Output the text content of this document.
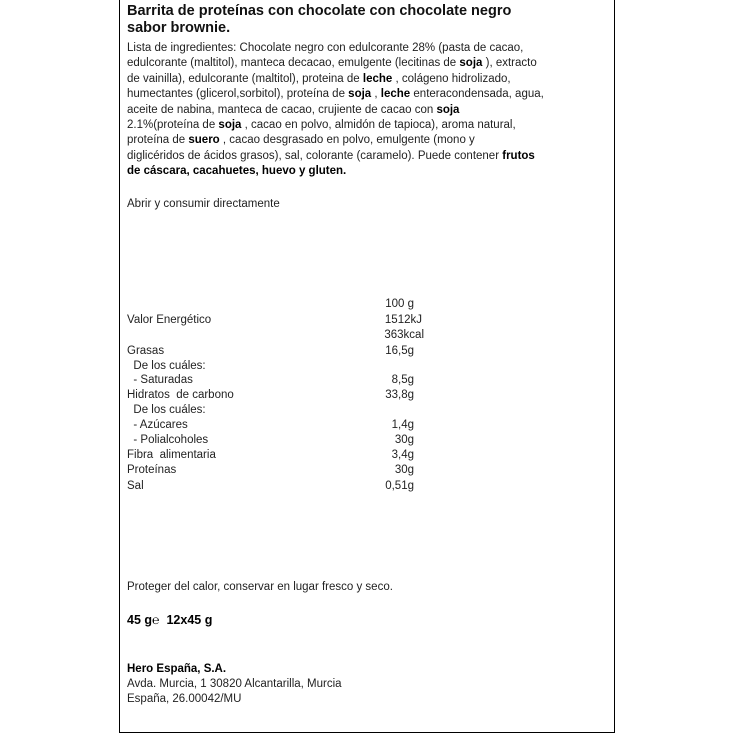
Barrita de proteínas con chocolate con chocolate negro
sabor brownie.
Lista de ingredientes: Chocolate negro con edulcorante 28% (pasta de cacao,
edulcorante (maltitol), manteca decacao, emulgente (lecitinas de soja ), extracto
de vainilla), edulcorante (maltitol), proteina de leche , colágeno hidrolizado,
humectantes (glicerol,sorbitol), proteína de soja , leche enteracondensada, agua,
aceite de nabina, manteca de cacao, crujiente de cacao con soja
2.1%(proteína de soja , cacao en polvo, almidón de tapioca), aroma natural,
proteína de suero , cacao desgrasado en polvo, emulgente (mono y
diglicéridos de ácidos grasos), sal, colorante (caramelo). Puede contener frutos
de cáscara, cacahuetes, huevo y gluten.
Abrir y consumir directamente
100 g
Valor Energético	1512kJ
363kcal
Grasas	16,5g
De los cuáles:
- Saturadas	8,5g
Hidratos  de carbono	33,8g
De los cuáles:
- Azúcares	1,4g
- Polialcoholes	30g
Fibra  alimentaria	3,4g
Proteínas	30g
Sal	0,51g
Proteger del calor, conservar en lugar fresco y seco.
45 g℮ 12x45 g
Hero España, S.A.
Avda. Murcia, 1 30820 Alcantarilla, Murcia
España, 26.00042/MU
